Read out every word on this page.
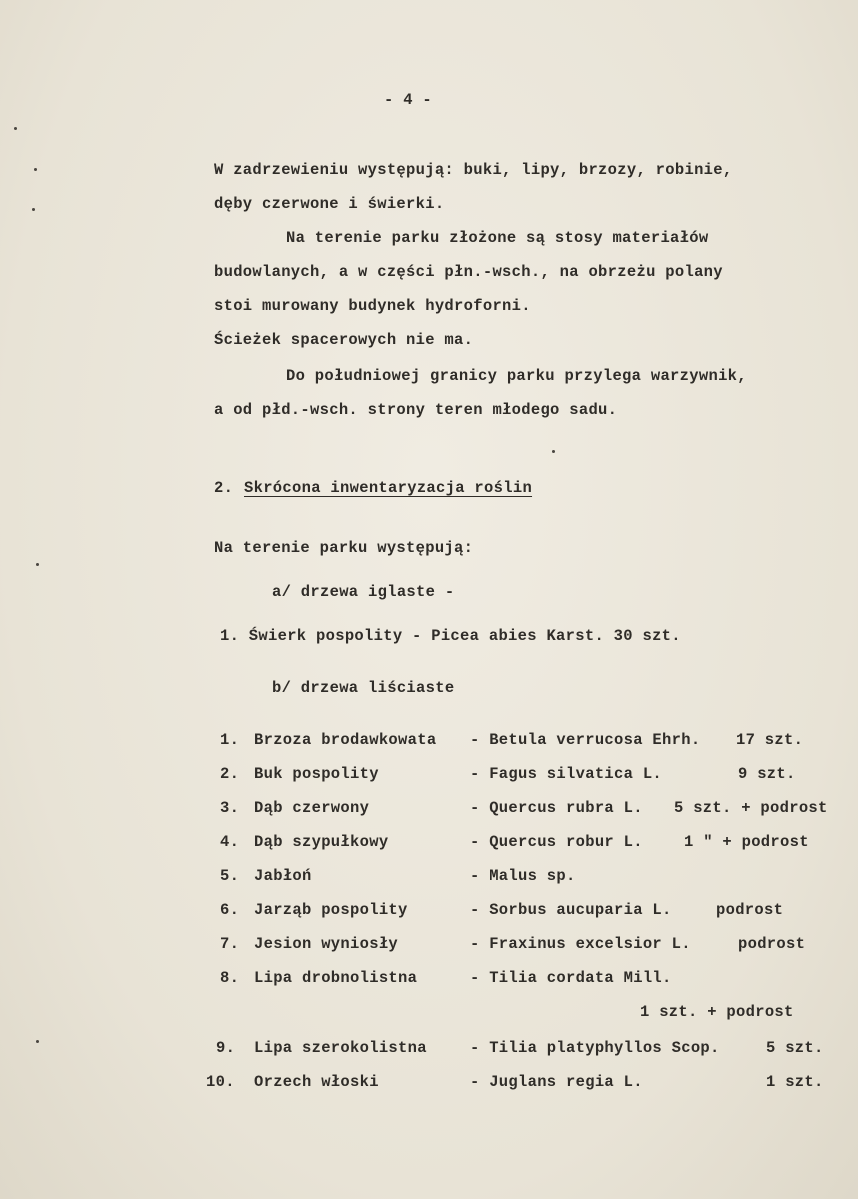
- 4 -
W zadrzewieniu występują: buki, lipy, brzozy, robinie,
dęby czerwone i świerki.
Na terenie parku złożone są stosy materiałów
budowlanych, a w części płn.-wsch., na obrzeżu polany
stoi murowany budynek hydroforni.
Ścieżek spacerowych nie ma.
Do południowej granicy parku przylega warzywnik,
a od płd.-wsch. strony teren młodego sadu.
2. Skrócona inwentaryzacja roślin
Na terenie parku występują:
a/ drzewa iglaste -
1. Świerk pospolity - Picea abies Karst. 30 szt.
b/ drzewa liściaste
1. Brzoza brodawkowata - Betula verrucosa Ehrh. 17 szt.
2. Buk pospolity	- Fagus silvatica L.	9 szt.
3. Dąb czerwony	- Quercus rubra L. 5 szt. + podrost
4. Dąb szypułkowy	- Quercus robur L.	1 " + podrost
5. Jabłoń	- Malus sp.
6. Jarząb pospolity	- Sorbus aucuparia L.	podrost
7. Jesion wyniosły	- Fraxinus excelsior L.	podrost
8. Lipa drobnolistna	- Tilia cordata Mill.
1 szt. + podrost
9. Lipa szerokolistna	- Tilia platyphyllos Scop.	5 szt.
10. Orzech włoski	- Juglans regia L.	1 szt.
